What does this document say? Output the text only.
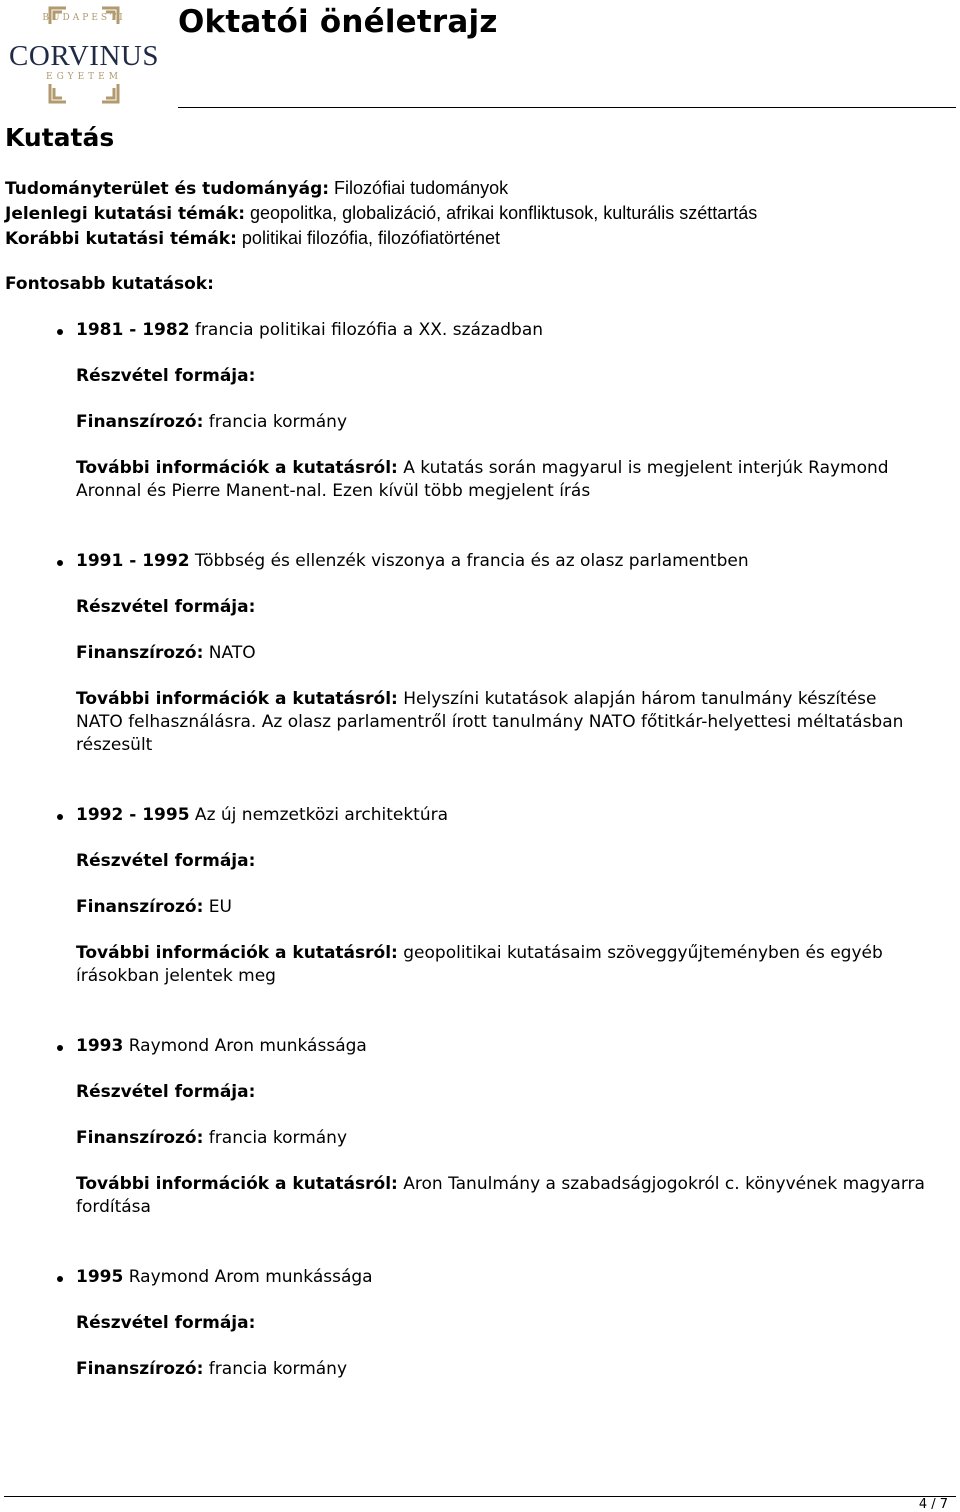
BUDAPESTI
CORVINUS
EGYETEM
Oktatói önéletrajz
Kutatás
Tudományterület és tudományág: Filozófiai tudományok
Jelenlegi kutatási témák: geopolitka, globalizáció, afrikai konfliktusok, kulturális széttartás
Korábbi kutatási témák: politikai filozófia, filozófiatörténet
Fontosabb kutatások:
1981 - 1982 francia politikai filozófia a XX. században
Részvétel formája:
Finanszírozó: francia kormány
További információk a kutatásról: A kutatás során magyarul is megjelent interjúk Raymond Aronnal és Pierre Manent-nal. Ezen kívül több megjelent írás
1991 - 1992 Többség és ellenzék viszonya a francia és az olasz parlamentben
Részvétel formája:
Finanszírozó: NATO
További információk a kutatásról: Helyszíni kutatások alapján három tanulmány készítése NATO felhasználásra. Az olasz parlamentről írott tanulmány NATO főtitkár-helyettesi méltatásban részesült
1992 - 1995 Az új nemzetközi architektúra
Részvétel formája:
Finanszírozó: EU
További információk a kutatásról: geopolitikai kutatásaim szöveggyűjteményben és egyéb írásokban jelentek meg
1993 Raymond Aron munkássága
Részvétel formája:
Finanszírozó: francia kormány
További információk a kutatásról: Aron Tanulmány a szabadságjogokról c. könyvének magyarra fordítása
1995 Raymond Arom munkássága
Részvétel formája:
Finanszírozó: francia kormány
4 / 7
